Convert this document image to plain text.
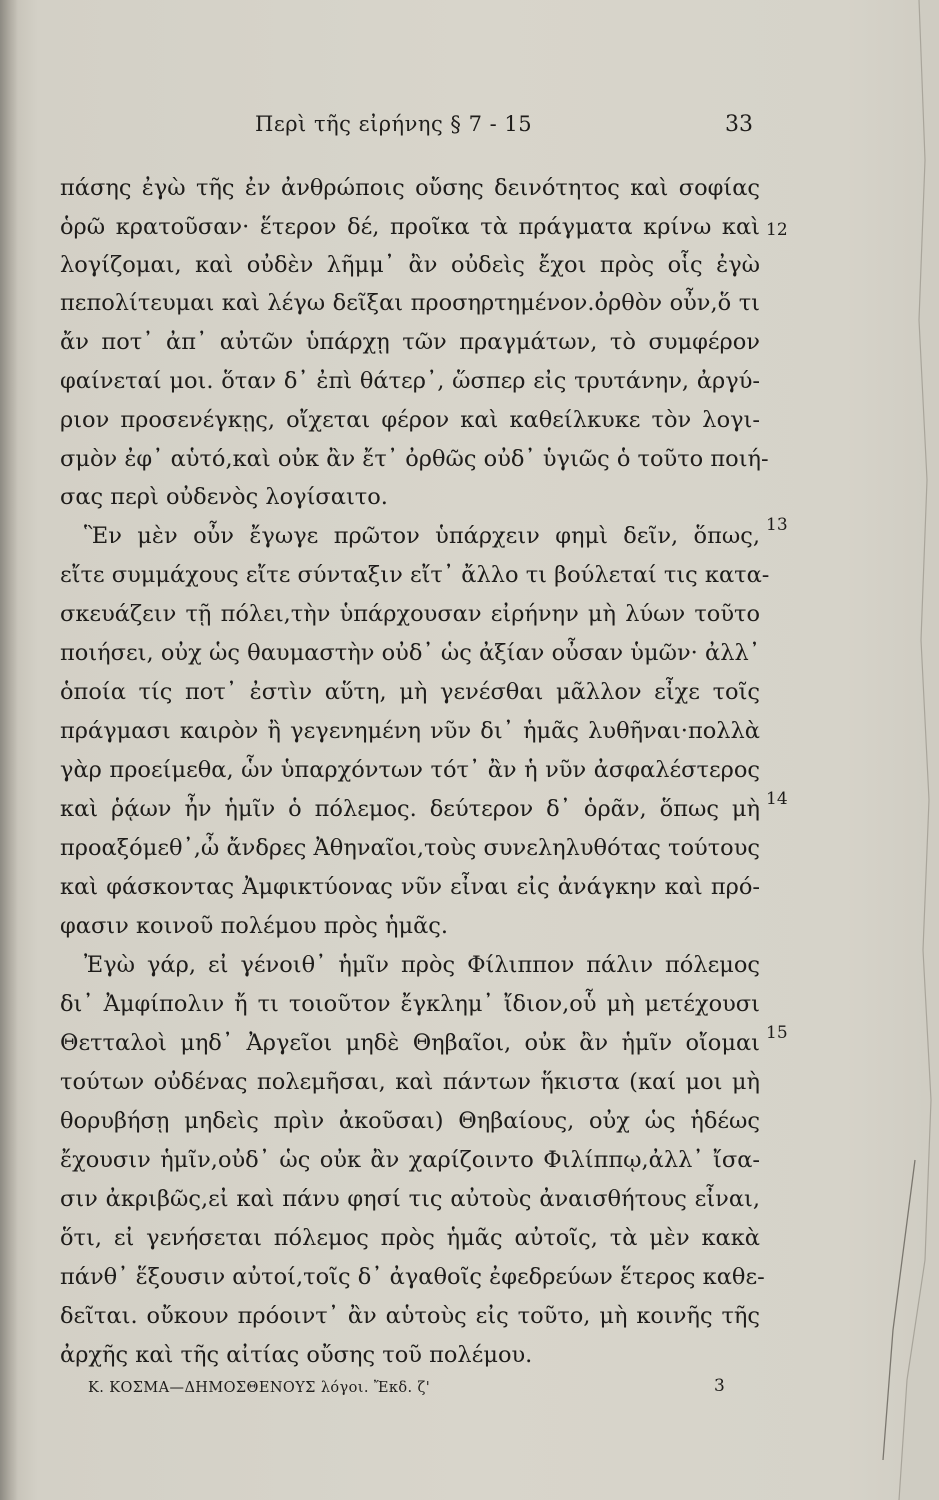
Περὶ τῆς εἰρήνης § 7 - 15	33
πάσης ἐγὼ τῆς ἐν ἀνθρώποις οὔσης δεινότητος καὶ σοφίας
ὁρῶ κρατοῦσαν· ἕτερον δέ, προῖκα τὰ πράγματα κρίνω καὶ
λογίζομαι, καὶ οὐδὲν λῆμμ᾽ ἂν οὐδεὶς ἔχοι πρὸς οἷς ἐγὼ
πεπολίτευμαι καὶ λέγω δεῖξαι προσηρτημένον.ὀρθὸν οὖν,ὅ τι
ἄν ποτ᾽ ἀπ᾽ αὐτῶν ὑπάρχῃ τῶν πραγμάτων, τὸ συμφέρον
φαίνεταί μοι. ὅταν δ᾽ ἐπὶ θάτερ᾽, ὥσπερ εἰς τρυτάνην, ἀργύ-
ριον προσενέγκῃς, οἴχεται φέρον καὶ καθείλκυκε τὸν λογι-
σμὸν ἐφ᾽ αὑτό,καὶ οὐκ ἂν ἔτ᾽ ὀρθῶς οὐδ᾽ ὑγιῶς ὁ τοῦτο ποιή-
σας περὶ οὐδενὸς λογίσαιτο.
Ἓν μὲν οὖν ἔγωγε πρῶτον ὑπάρχειν φημὶ δεῖν, ὅπως,
εἴτε συμμάχους εἴτε σύνταξιν εἴτ᾽ ἄλλο τι βούλεταί τις κατα-
σκευάζειν τῇ πόλει,τὴν ὑπάρχουσαν εἰρήνην μὴ λύων τοῦτο
ποιήσει, οὐχ ὡς θαυμαστὴν οὐδ᾽ ὡς ἀξίαν οὖσαν ὑμῶν· ἀλλ᾽
ὁποία τίς ποτ᾽ ἐστὶν αὕτη, μὴ γενέσθαι μᾶλλον εἶχε τοῖς
πράγμασι καιρὸν ἢ γεγενημένη νῦν δι᾽ ἡμᾶς λυθῆναι·πολλὰ
γὰρ προείμεθα, ὧν ὑπαρχόντων τότ᾽ ἂν ἡ νῦν ἀσφαλέστερος
καὶ ῥᾴων ἦν ἡμῖν ὁ πόλεμος. δεύτερον δ᾽ ὁρᾶν, ὅπως μὴ
προαξόμεθ᾽,ὦ ἄνδρες Ἀθηναῖοι,τοὺς συνεληλυθότας τούτους
καὶ φάσκοντας Ἀμφικτύονας νῦν εἶναι εἰς ἀνάγκην καὶ πρό-
φασιν κοινοῦ πολέμου πρὸς ἡμᾶς.
Ἐγὼ γάρ, εἰ γένοιθ᾽ ἡμῖν πρὸς Φίλιππον πάλιν πόλεμος
δι᾽ Ἀμφίπολιν ἤ τι τοιοῦτον ἔγκλημ᾽ ἴδιον,οὗ μὴ μετέχουσι
Θετταλοὶ μηδ᾽ Ἀργεῖοι μηδὲ Θηβαῖοι, οὐκ ἂν ἡμῖν οἴομαι
τούτων οὐδένας πολεμῆσαι, καὶ πάντων ἥκιστα (καί μοι μὴ
θορυβήσῃ μηδεὶς πρὶν ἀκοῦσαι) Θηβαίους, οὐχ ὡς ἡδέως
ἔχουσιν ἡμῖν,οὐδ᾽ ὡς οὐκ ἂν χαρίζοιντο Φιλίππῳ,ἀλλ᾽ ἴσα-
σιν ἀκριβῶς,εἰ καὶ πάνυ φησί τις αὐτοὺς ἀναισθήτους εἶναι,
ὅτι, εἰ γενήσεται πόλεμος πρὸς ἡμᾶς αὐτοῖς, τὰ μὲν κακὰ
πάνθ᾽ ἕξουσιν αὐτοί,τοῖς δ᾽ ἀγαθοῖς ἐφεδρεύων ἕτερος καθε-
δεῖται. οὔκουν πρόοιντ᾽ ἂν αὑτοὺς εἰς τοῦτο, μὴ κοινῆς τῆς
ἀρχῆς καὶ τῆς αἰτίας οὔσης τοῦ πολέμου.
12
13
14
15
Κ. ΚΟΣΜΑ—ΔΗΜΟΣΘΕΝΟΥΣ λόγοι. Ἔκδ. ζ'	3
